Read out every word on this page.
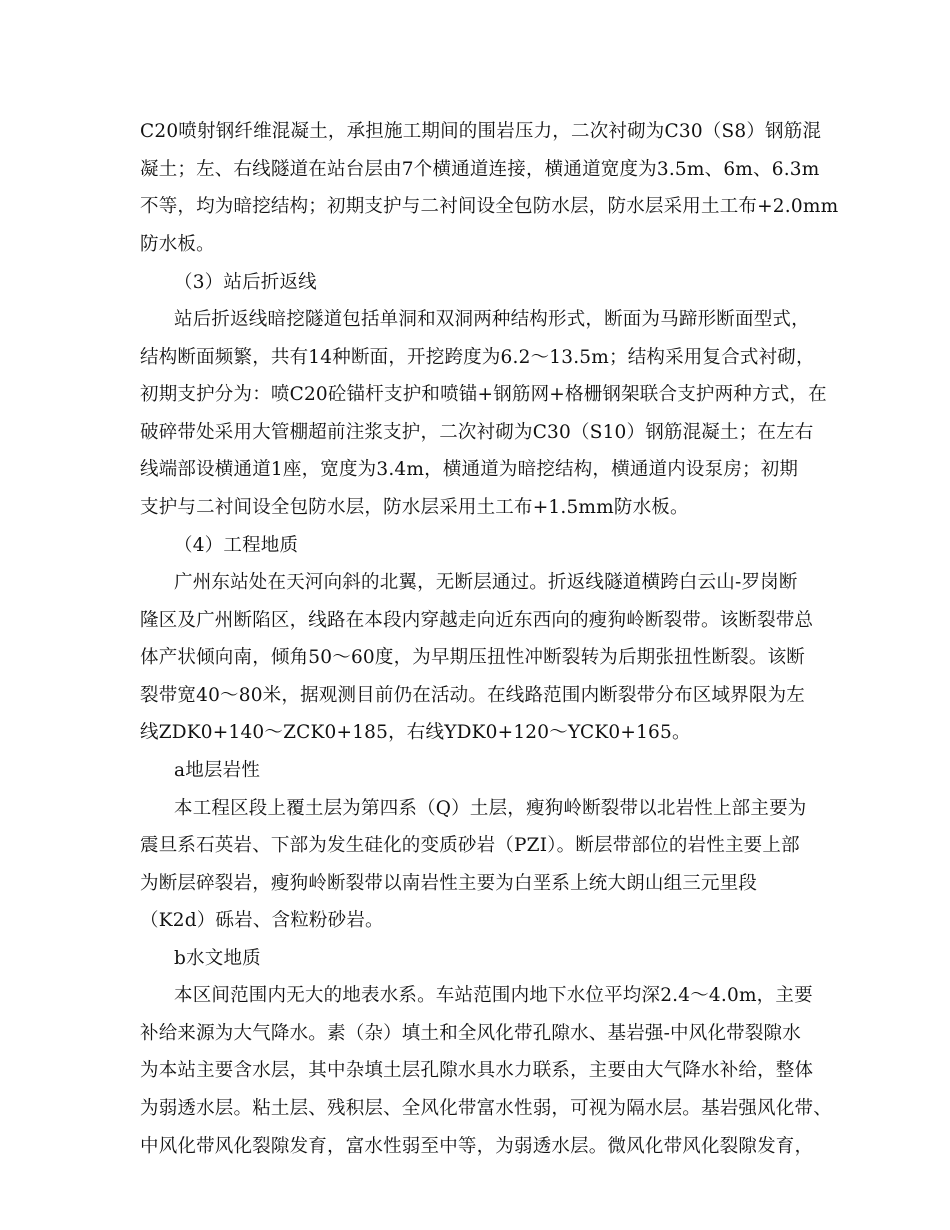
C20喷射钢纤维混凝土，承担施工期间的围岩压力，二次衬砌为C30（S8）钢筋混
凝土；左、右线隧道在站台层由7个横通道连接，横通道宽度为3.5m、6m、6.3m
不等，均为暗挖结构；初期支护与二衬间设全包防水层，防水层采用土工布+2.0mm
防水板。
（3）站后折返线
站后折返线暗挖隧道包括单洞和双洞两种结构形式，断面为马蹄形断面型式，
结构断面频繁，共有14种断面，开挖跨度为6.2～13.5m；结构采用复合式衬砌，
初期支护分为：喷C20砼锚杆支护和喷锚+钢筋网+格栅钢架联合支护两种方式，在
破碎带处采用大管棚超前注浆支护，二次衬砌为C30（S10）钢筋混凝土；在左右
线端部设横通道1座，宽度为3.4m，横通道为暗挖结构，横通道内设泵房；初期
支护与二衬间设全包防水层，防水层采用土工布+1.5mm防水板。
（4）工程地质
广州东站处在天河向斜的北翼，无断层通过。折返线隧道横跨白云山-罗岗断
隆区及广州断陷区，线路在本段内穿越走向近东西向的瘦狗岭断裂带。该断裂带总
体产状倾向南，倾角50～60度，为早期压扭性冲断裂转为后期张扭性断裂。该断
裂带宽40～80米，据观测目前仍在活动。在线路范围内断裂带分布区域界限为左
线ZDK0+140～ZCK0+185，右线YDK0+120～YCK0+165。
a地层岩性
本工程区段上覆土层为第四系（Q）土层，瘦狗岭断裂带以北岩性上部主要为
震旦系石英岩、下部为发生硅化的变质砂岩（PZI）。断层带部位的岩性主要上部
为断层碎裂岩，瘦狗岭断裂带以南岩性主要为白垩系上统大朗山组三元里段
（K2d）砾岩、含粒粉砂岩。
b水文地质
本区间范围内无大的地表水系。车站范围内地下水位平均深2.4～4.0m，主要
补给来源为大气降水。素（杂）填土和全风化带孔隙水、基岩强-中风化带裂隙水
为本站主要含水层，其中杂填土层孔隙水具水力联系，主要由大气降水补给，整体
为弱透水层。粘土层、残积层、全风化带富水性弱，可视为隔水层。基岩强风化带、
中风化带风化裂隙发育，富水性弱至中等，为弱透水层。微风化带风化裂隙发育，
